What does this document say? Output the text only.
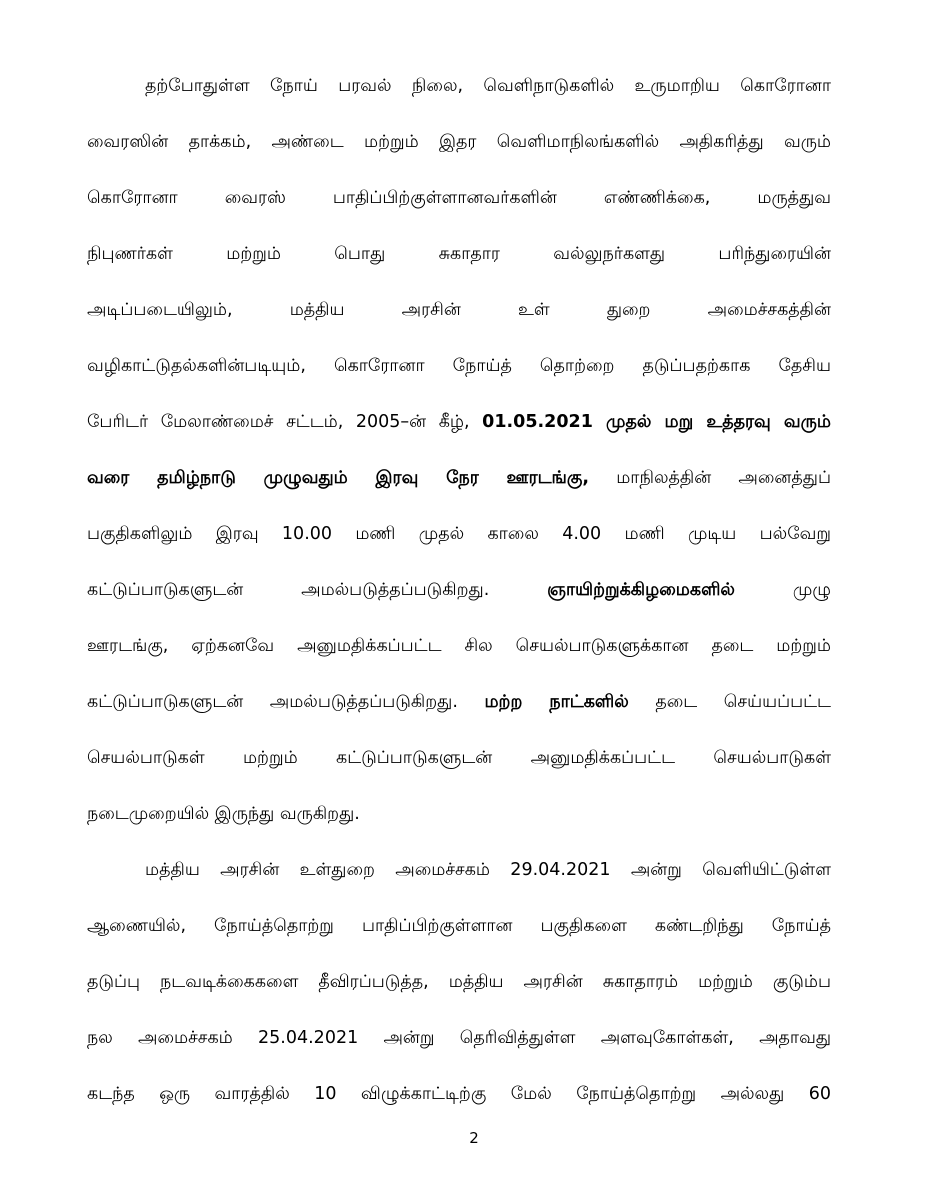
தற்போதுள்ள நோய் பரவல் நிலை, வெளிநாடுகளில் உருமாறிய கொரோனா
வைரஸின் தாக்கம், அண்டை மற்றும் இதர வெளிமாநிலங்களில் அதிகரித்து வரும்
கொரோனா வைரஸ் பாதிப்பிற்குள்ளானவர்களின் எண்ணிக்கை, மருத்துவ
நிபுணர்கள் மற்றும் பொது சுகாதார வல்லுநர்களது பரிந்துரையின்
அடிப்படையிலும், மத்திய அரசின் உள் துறை அமைச்சகத்தின்
வழிகாட்டுதல்களின்படியும், கொரோனா நோய்த் தொற்றை தடுப்பதற்காக தேசிய
பேரிடர் மேலாண்மைச் சட்டம், 2005–ன் கீழ், 01.05.2021 முதல் மறு உத்தரவு வரும்
வரை தமிழ்நாடு முழுவதும் இரவு நேர ஊரடங்கு, மாநிலத்தின் அனைத்துப்
பகுதிகளிலும் இரவு 10.00 மணி முதல் காலை 4.00 மணி முடிய பல்வேறு
கட்டுப்பாடுகளுடன் அமல்படுத்தப்படுகிறது. ஞாயிற்றுக்கிழமைகளில் முழு
ஊரடங்கு, ஏற்கனவே அனுமதிக்கப்பட்ட சில செயல்பாடுகளுக்கான தடை மற்றும்
கட்டுப்பாடுகளுடன் அமல்படுத்தப்படுகிறது. மற்ற நாட்களில் தடை செய்யப்பட்ட
செயல்பாடுகள் மற்றும் கட்டுப்பாடுகளுடன் அனுமதிக்கப்பட்ட செயல்பாடுகள்
நடைமுறையில் இருந்து வருகிறது.
மத்திய அரசின் உள்துறை அமைச்சகம் 29.04.2021 அன்று வெளியிட்டுள்ள
ஆணையில், நோய்த்தொற்று பாதிப்பிற்குள்ளான பகுதிகளை கண்டறிந்து நோய்த்
தடுப்பு நடவடிக்கைகளை தீவிரப்படுத்த, மத்திய அரசின் சுகாதாரம் மற்றும் குடும்ப
நல அமைச்சகம் 25.04.2021 அன்று தெரிவித்துள்ள அளவுகோள்கள், அதாவது
கடந்த ஒரு வாரத்தில் 10 விழுக்காட்டிற்கு மேல் நோய்த்தொற்று அல்லது 60
2
